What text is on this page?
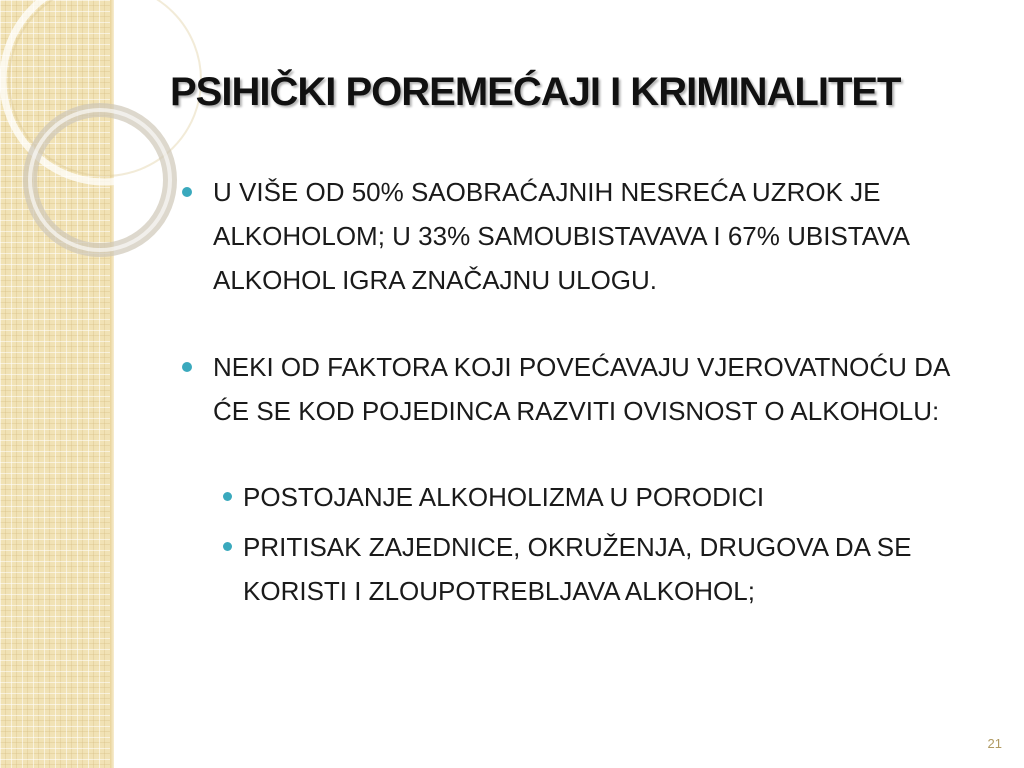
PSIHIČKI POREMEĆAJI I KRIMINALITET
U VIŠE OD 50% SAOBRAĆAJNIH NESREĆA UZROK JE ALKOHOLOM; U 33% SAMOUBISTAVAVA I 67% UBISTAVA ALKOHOL IGRA ZNAČAJNU ULOGU.
NEKI OD FAKTORA KOJI POVEĆAVAJU VJEROVATNOĆU DA ĆE SE KOD POJEDINCA RAZVITI OVISNOST O ALKOHOLU:
POSTOJANJE ALKOHOLIZMA U PORODICI
PRITISAK ZAJEDNICE, OKRUŽENJA, DRUGOVA DA SE KORISTI I ZLOUPOTREBLJAVA ALKOHOL;
21
